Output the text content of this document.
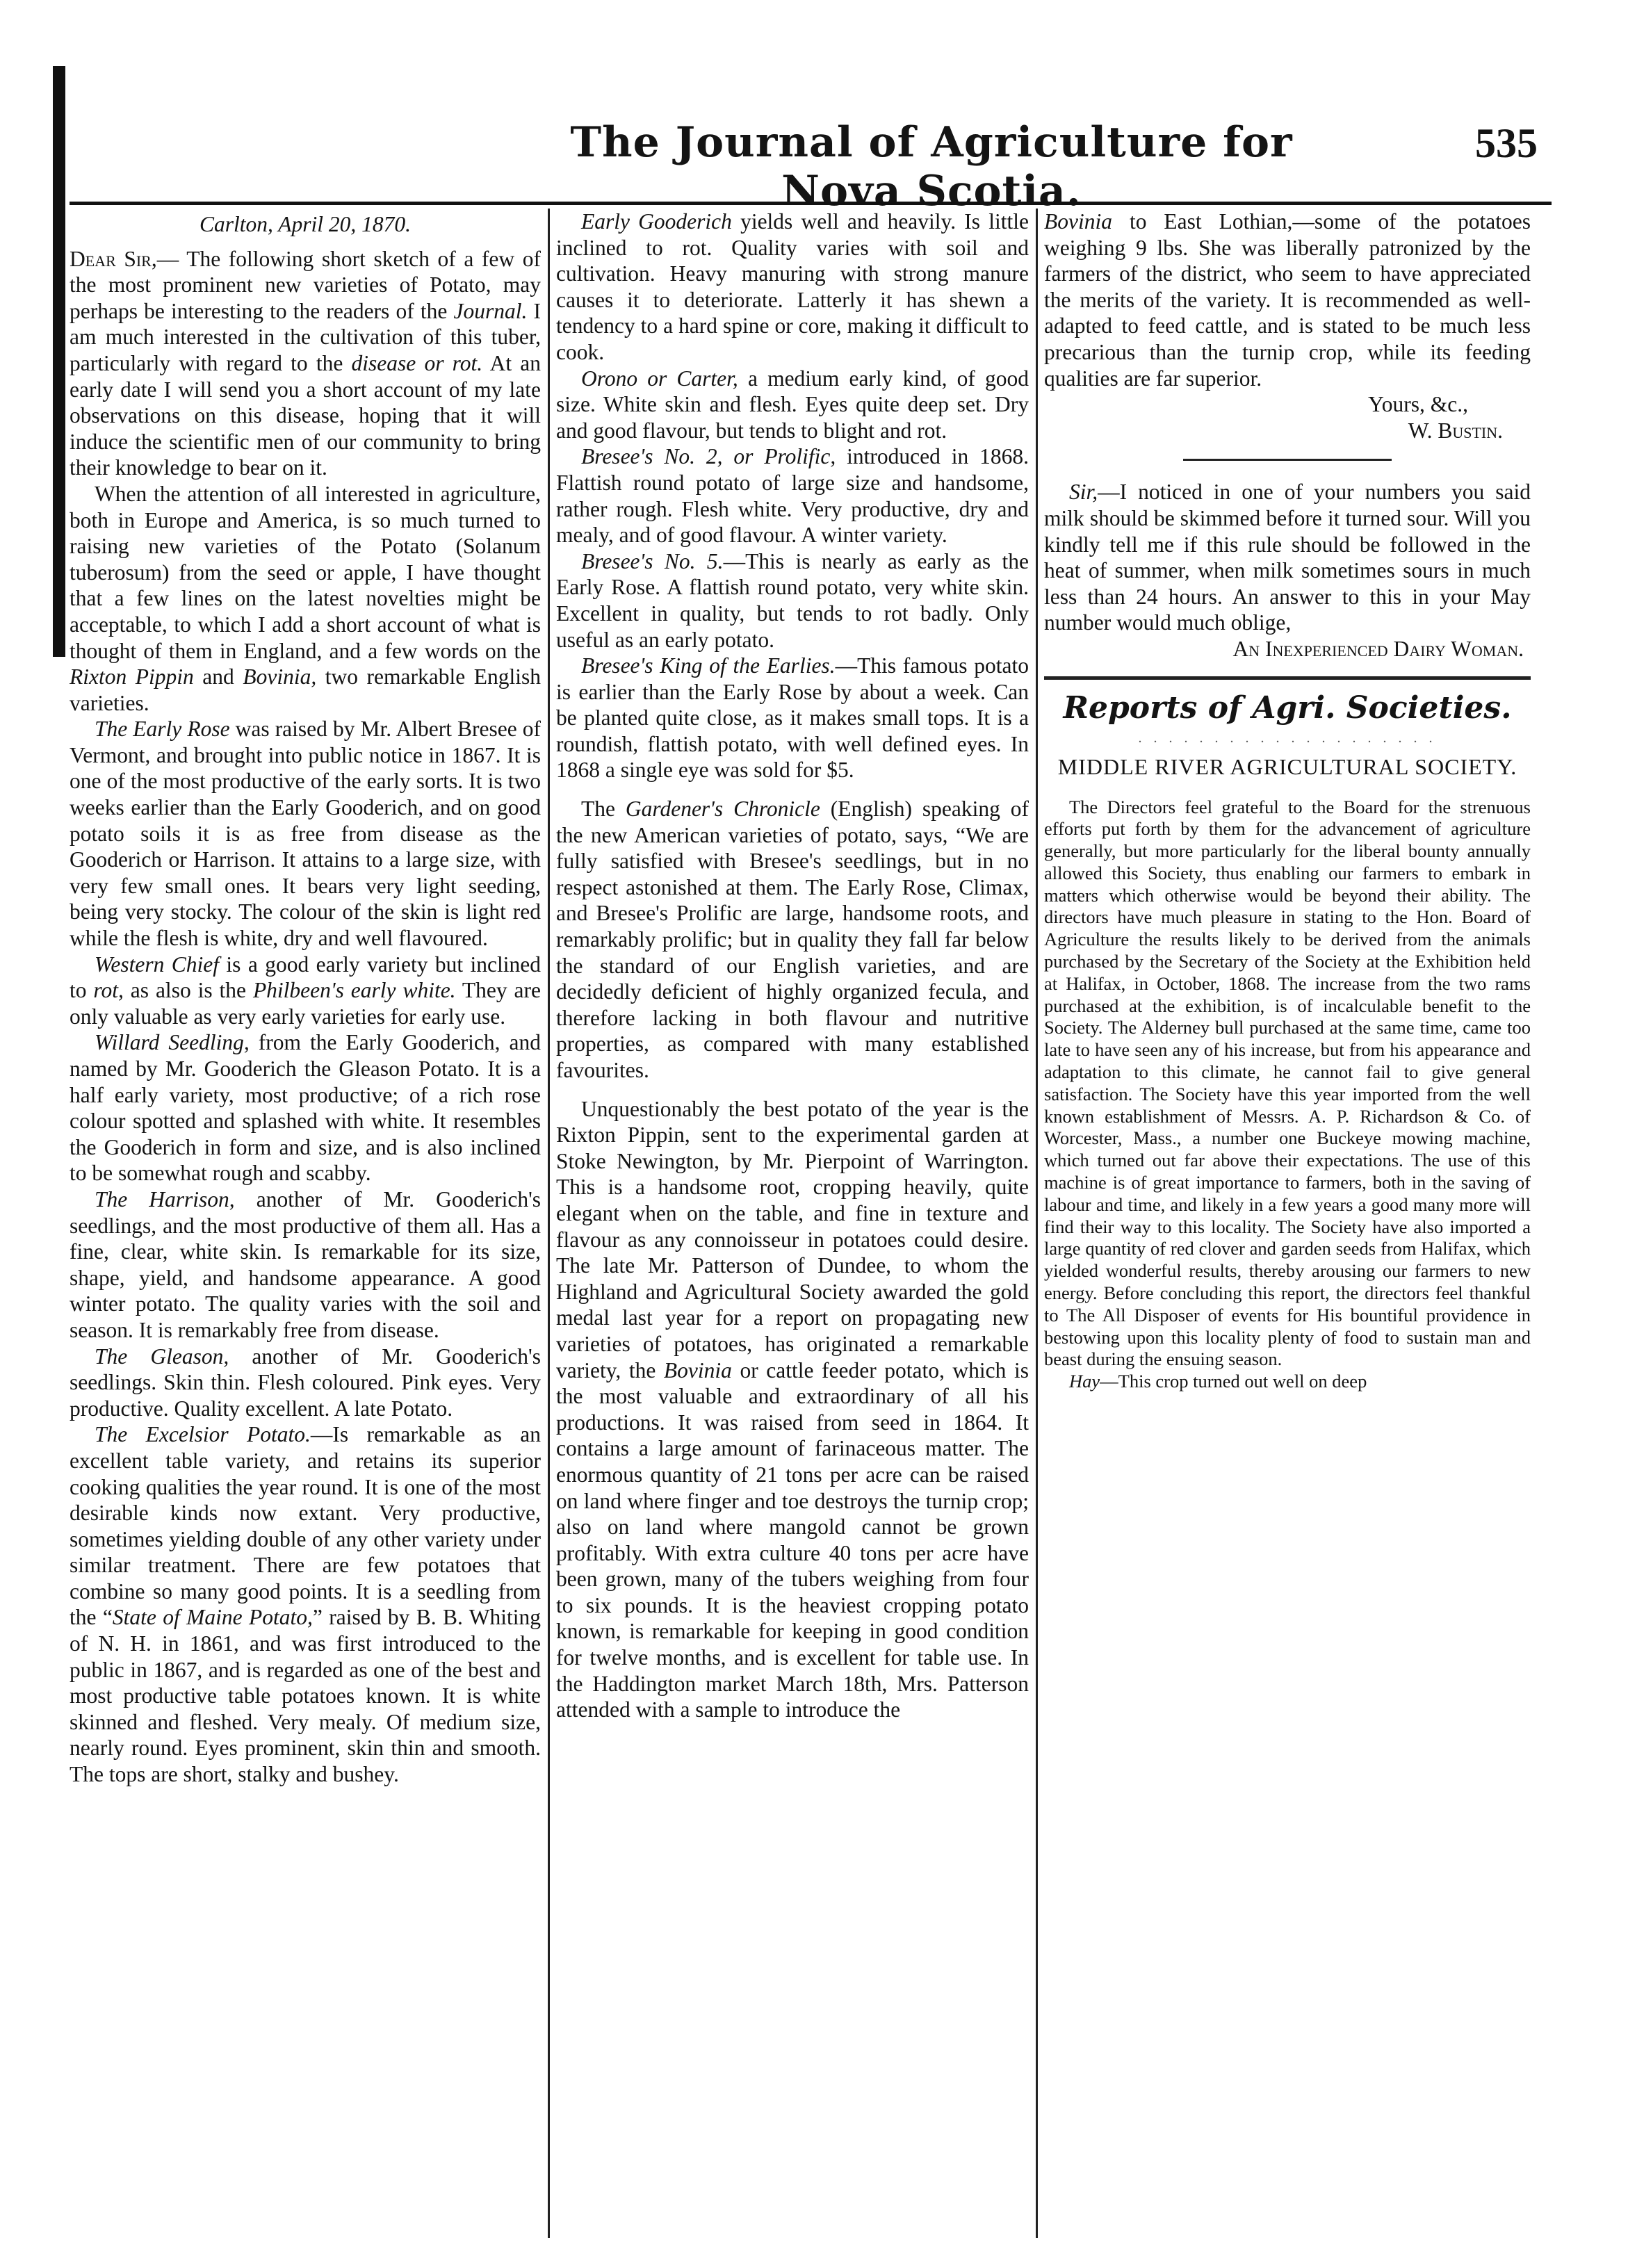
The Journal of Agriculture for Nova Scotia.
535

Carlton, April 20, 1870.

Dear Sir,— The following short sketch of a few of the most prominent new varieties of Potato, may perhaps be interesting to the readers of the Journal. I am much interested in the cultivation of this tuber, particularly with regard to the disease or rot. At an early date I will send you a short account of my late observations on this disease, hoping that it will induce the scientific men of our community to bring their knowledge to bear on it.

When the attention of all interested in agriculture, both in Europe and America, is so much turned to raising new varieties of the Potato (Solanum tuberosum) from the seed or apple, I have thought that a few lines on the latest novelties might be acceptable, to which I add a short account of what is thought of them in England, and a few words on the Rixton Pippin and Bovinia, two remarkable English varieties.

The Early Rose was raised by Mr. Albert Bresee of Vermont, and brought into public notice in 1867. It is one of the most productive of the early sorts. It is two weeks earlier than the Early Gooderich, and on good potato soils it is as free from disease as the Gooderich or Harrison. It attains to a large size, with very few small ones. It bears very light seeding, being very stocky. The colour of the skin is light red while the flesh is white, dry and well flavoured.

Western Chief is a good early variety but inclined to rot, as also is the Philbeen's early white. They are only valuable as very early varieties for early use.

Willard Seedling, from the Early Gooderich, and named by Mr. Gooderich the Gleason Potato. It is a half early variety, most productive; of a rich rose colour spotted and splashed with white. It resembles the Gooderich in form and size, and is also inclined to be somewhat rough and scabby.

The Harrison, another of Mr. Gooderich's seedlings, and the most productive of them all. Has a fine, clear, white skin. Is remarkable for its size, shape, yield, and handsome appearance. A good winter potato. The quality varies with the soil and season. It is remarkably free from disease.

The Gleason, another of Mr. Gooderich's seedlings. Skin thin. Flesh coloured. Pink eyes. Very productive. Quality excellent. A late Potato.

The Excelsior Potato.—Is remarkable as an excellent table variety, and retains its superior cooking qualities the year round. It is one of the most desirable kinds now extant. Very productive, sometimes yielding double of any other variety under similar treatment. There are few potatoes that combine so many good points. It is a seedling from the “State of Maine Potato,” raised by B. B. Whiting of N. H. in 1861, and was first introduced to the public in 1867, and is regarded as one of the best and most productive table potatoes known. It is white skinned and fleshed. Very mealy. Of medium size, nearly round. Eyes prominent, skin thin and smooth. The tops are short, stalky and bushey.

Early Gooderich yields well and heavily. Is little inclined to rot. Quality varies with soil and cultivation. Heavy manuring with strong manure causes it to deteriorate. Latterly it has shewn a tendency to a hard spine or core, making it difficult to cook.

Orono or Carter, a medium early kind, of good size. White skin and flesh. Eyes quite deep set. Dry and good flavour, but tends to blight and rot.

Bresee's No. 2, or Prolific, introduced in 1868. Flattish round potato of large size and handsome, rather rough. Flesh white. Very productive, dry and mealy, and of good flavour. A winter variety.

Bresee's No. 5.—This is nearly as early as the Early Rose. A flattish round potato, very white skin. Excellent in quality, but tends to rot badly. Only useful as an early potato.

Bresee's King of the Earlies.—This famous potato is earlier than the Early Rose by about a week. Can be planted quite close, as it makes small tops. It is a roundish, flattish potato, with well defined eyes. In 1868 a single eye was sold for $5.

The Gardener's Chronicle (English) speaking of the new American varieties of potato, says, “We are fully satisfied with Bresee's seedlings, but in no respect astonished at them. The Early Rose, Climax, and Bresee's Prolific are large, handsome roots, and remarkably prolific; but in quality they fall far below the standard of our English varieties, and are decidedly deficient of highly organized fecula, and therefore lacking in both flavour and nutritive properties, as compared with many established favourites.

Unquestionably the best potato of the year is the Rixton Pippin, sent to the experimental garden at Stoke Newington, by Mr. Pierpoint of Warrington. This is a handsome root, cropping heavily, quite elegant when on the table, and fine in texture and flavour as any connoisseur in potatoes could desire. The late Mr. Patterson of Dundee, to whom the Highland and Agricultural Society awarded the gold medal last year for a report on propagating new varieties of potatoes, has originated a remarkable variety, the Bovinia or cattle feeder potato, which is the most valuable and extraordinary of all his productions. It was raised from seed in 1864. It contains a large amount of farinaceous matter. The enormous quantity of 21 tons per acre can be raised on land where finger and toe destroys the turnip crop; also on land where mangold cannot be grown profitably. With extra culture 40 tons per acre have been grown, many of the tubers weighing from four to six pounds. It is the heaviest cropping potato known, is remarkable for keeping in good condition for twelve months, and is excellent for table use. In the Haddington market March 18th, Mrs. Patterson attended with a sample to introduce the

Bovinia to East Lothian,—some of the potatoes weighing 9 lbs. She was liberally patronized by the farmers of the district, who seem to have appreciated the merits of the variety. It is recommended as well-adapted to feed cattle, and is stated to be much less precarious than the turnip crop, while its feeding qualities are far superior.

Yours, &c.,

W. Bustin.

Sir,—I noticed in one of your numbers you said milk should be skimmed before it turned sour. Will you kindly tell me if this rule should be followed in the heat of summer, when milk sometimes sours in much less than 24 hours. An answer to this in your May number would much oblige,

An Inexperienced Dairy Woman.

Reports of Agri. Societies.
. . . . . . . . . . . . . . . . . . . .
MIDDLE RIVER AGRICULTURAL SOCIETY.

The Directors feel grateful to the Board for the strenuous efforts put forth by them for the advancement of agriculture generally, but more particularly for the liberal bounty annually allowed this Society, thus enabling our farmers to embark in matters which otherwise would be beyond their ability. The directors have much pleasure in stating to the Hon. Board of Agriculture the results likely to be derived from the animals purchased by the Secretary of the Society at the Exhibition held at Halifax, in October, 1868. The increase from the two rams purchased at the exhibition, is of incalculable benefit to the Society. The Alderney bull purchased at the same time, came too late to have seen any of his increase, but from his appearance and adaptation to this climate, he cannot fail to give general satisfaction. The Society have this year imported from the well known establishment of Messrs. A. P. Richardson & Co. of Worcester, Mass., a number one Buckeye mowing machine, which turned out far above their expectations. The use of this machine is of great importance to farmers, both in the saving of labour and time, and likely in a few years a good many more will find their way to this locality. The Society have also imported a large quantity of red clover and garden seeds from Halifax, which yielded wonderful results, thereby arousing our farmers to new energy. Before concluding this report, the directors feel thankful to The All Disposer of events for His bountiful providence in bestowing upon this locality plenty of food to sustain man and beast during the ensuing season.

Hay—This crop turned out well on deep
